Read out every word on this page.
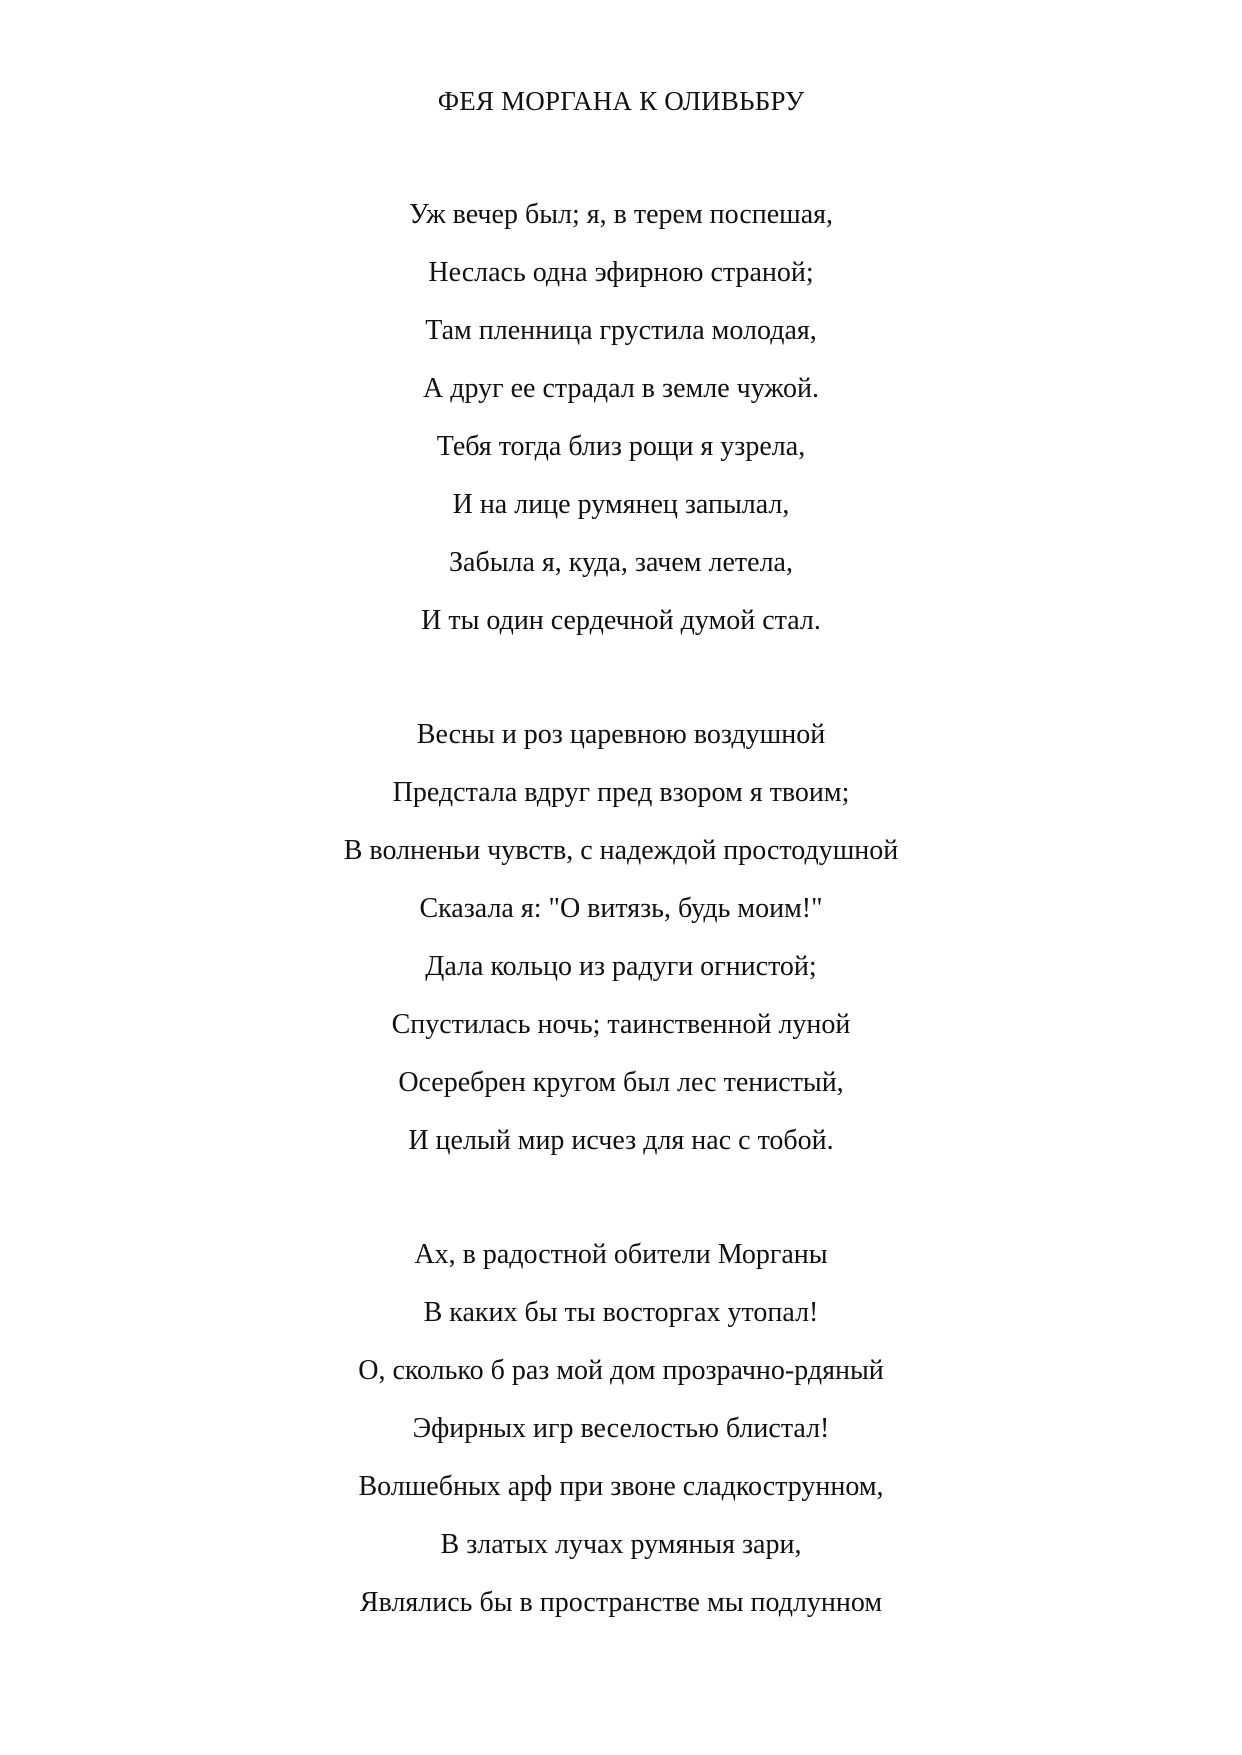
ФЕЯ МОРГАНА К ОЛИВЬБРУ
Уж вечер был; я, в терем поспешая,
Неслась одна эфирною страной;
Там пленница грустила молодая,
А друг ее страдал в земле чужой.
Тебя тогда близ рощи я узрела,
И на лице румянец запылал,
Забыла я, куда, зачем летела,
И ты один сердечной думой стал.
Весны и роз царевною воздушной
Предстала вдруг пред взором я твоим;
В волненьи чувств, с надеждой простодушной
Сказала я: "О витязь, будь моим!"
Дала кольцо из радуги огнистой;
Спустилась ночь; таинственной луной
Осеребрен кругом был лес тенистый,
И целый мир исчез для нас с тобой.
Ах, в радостной обители Морганы
В каких бы ты восторгах утопал!
О, сколько б раз мой дом прозрачно-рдяный
Эфирных игр веселостью блистал!
Волшебных арф при звоне сладкострунном,
В златых лучах румяныя зари,
Являлись бы в пространстве мы подлунном
